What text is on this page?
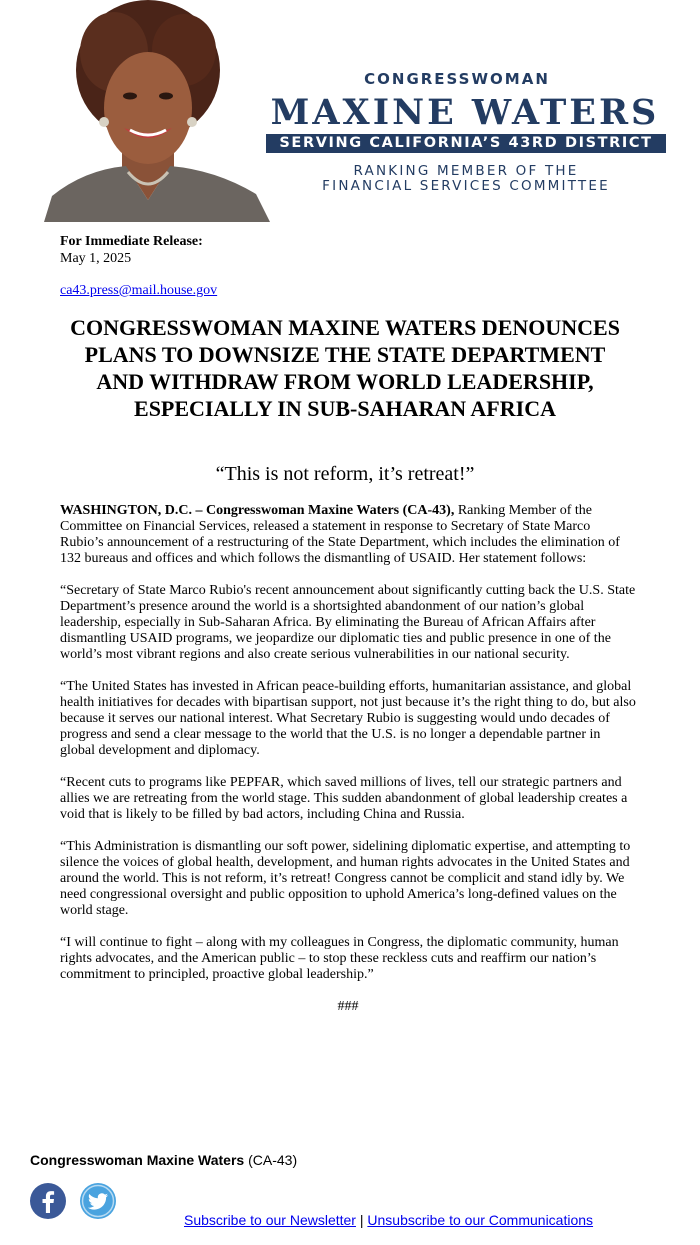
CONGRESSWOMAN
MAXINE WATERS
SERVING CALIFORNIA’S 43RD DISTRICT
RANKING MEMBER OF THE
FINANCIAL SERVICES COMMITTEE
For Immediate Release:
May 1, 2025
ca43.press@mail.house.gov
CONGRESSWOMAN MAXINE WATERS DENOUNCES PLANS TO DOWNSIZE THE STATE DEPARTMENT AND WITHDRAW FROM WORLD LEADERSHIP, ESPECIALLY IN SUB-SAHARAN AFRICA
“This is not reform, it’s retreat!”

WASHINGTON, D.C. – Congresswoman Maxine Waters (CA-43), Ranking Member of the Committee on Financial Services, released a statement in response to Secretary of State Marco Rubio’s announcement of a restructuring of the State Department, which includes the elimination of 132 bureaus and offices and which follows the dismantling of USAID. Her statement follows:

“Secretary of State Marco Rubio's recent announcement about significantly cutting back the U.S. State Department’s presence around the world is a shortsighted abandonment of our nation’s global leadership, especially in Sub-Saharan Africa. By eliminating the Bureau of African Affairs after dismantling USAID programs, we jeopardize our diplomatic ties and public presence in one of the world’s most vibrant regions and also create serious vulnerabilities in our national security.

“The United States has invested in African peace-building efforts, humanitarian assistance, and global health initiatives for decades with bipartisan support, not just because it’s the right thing to do, but also because it serves our national interest. What Secretary Rubio is suggesting would undo decades of progress and send a clear message to the world that the U.S. is no longer a dependable partner in global development and diplomacy.

“Recent cuts to programs like PEPFAR, which saved millions of lives, tell our strategic partners and allies we are retreating from the world stage. This sudden abandonment of global leadership creates a void that is likely to be filled by bad actors, including China and Russia.

“This Administration is dismantling our soft power, sidelining diplomatic expertise, and attempting to silence the voices of global health, development, and human rights advocates in the United States and around the world. This is not reform, it’s retreat! Congress cannot be complicit and stand idly by. We need congressional oversight and public opposition to uphold America’s long-defined values on the world stage.

“I will continue to fight – along with my colleagues in Congress, the diplomatic community, human rights advocates, and the American public – to stop these reckless cuts and reaffirm our nation’s commitment to principled, proactive global leadership.”

###
Congresswoman Maxine Waters (CA-43)
Subscribe to our Newsletter | Unsubscribe to our Communications
